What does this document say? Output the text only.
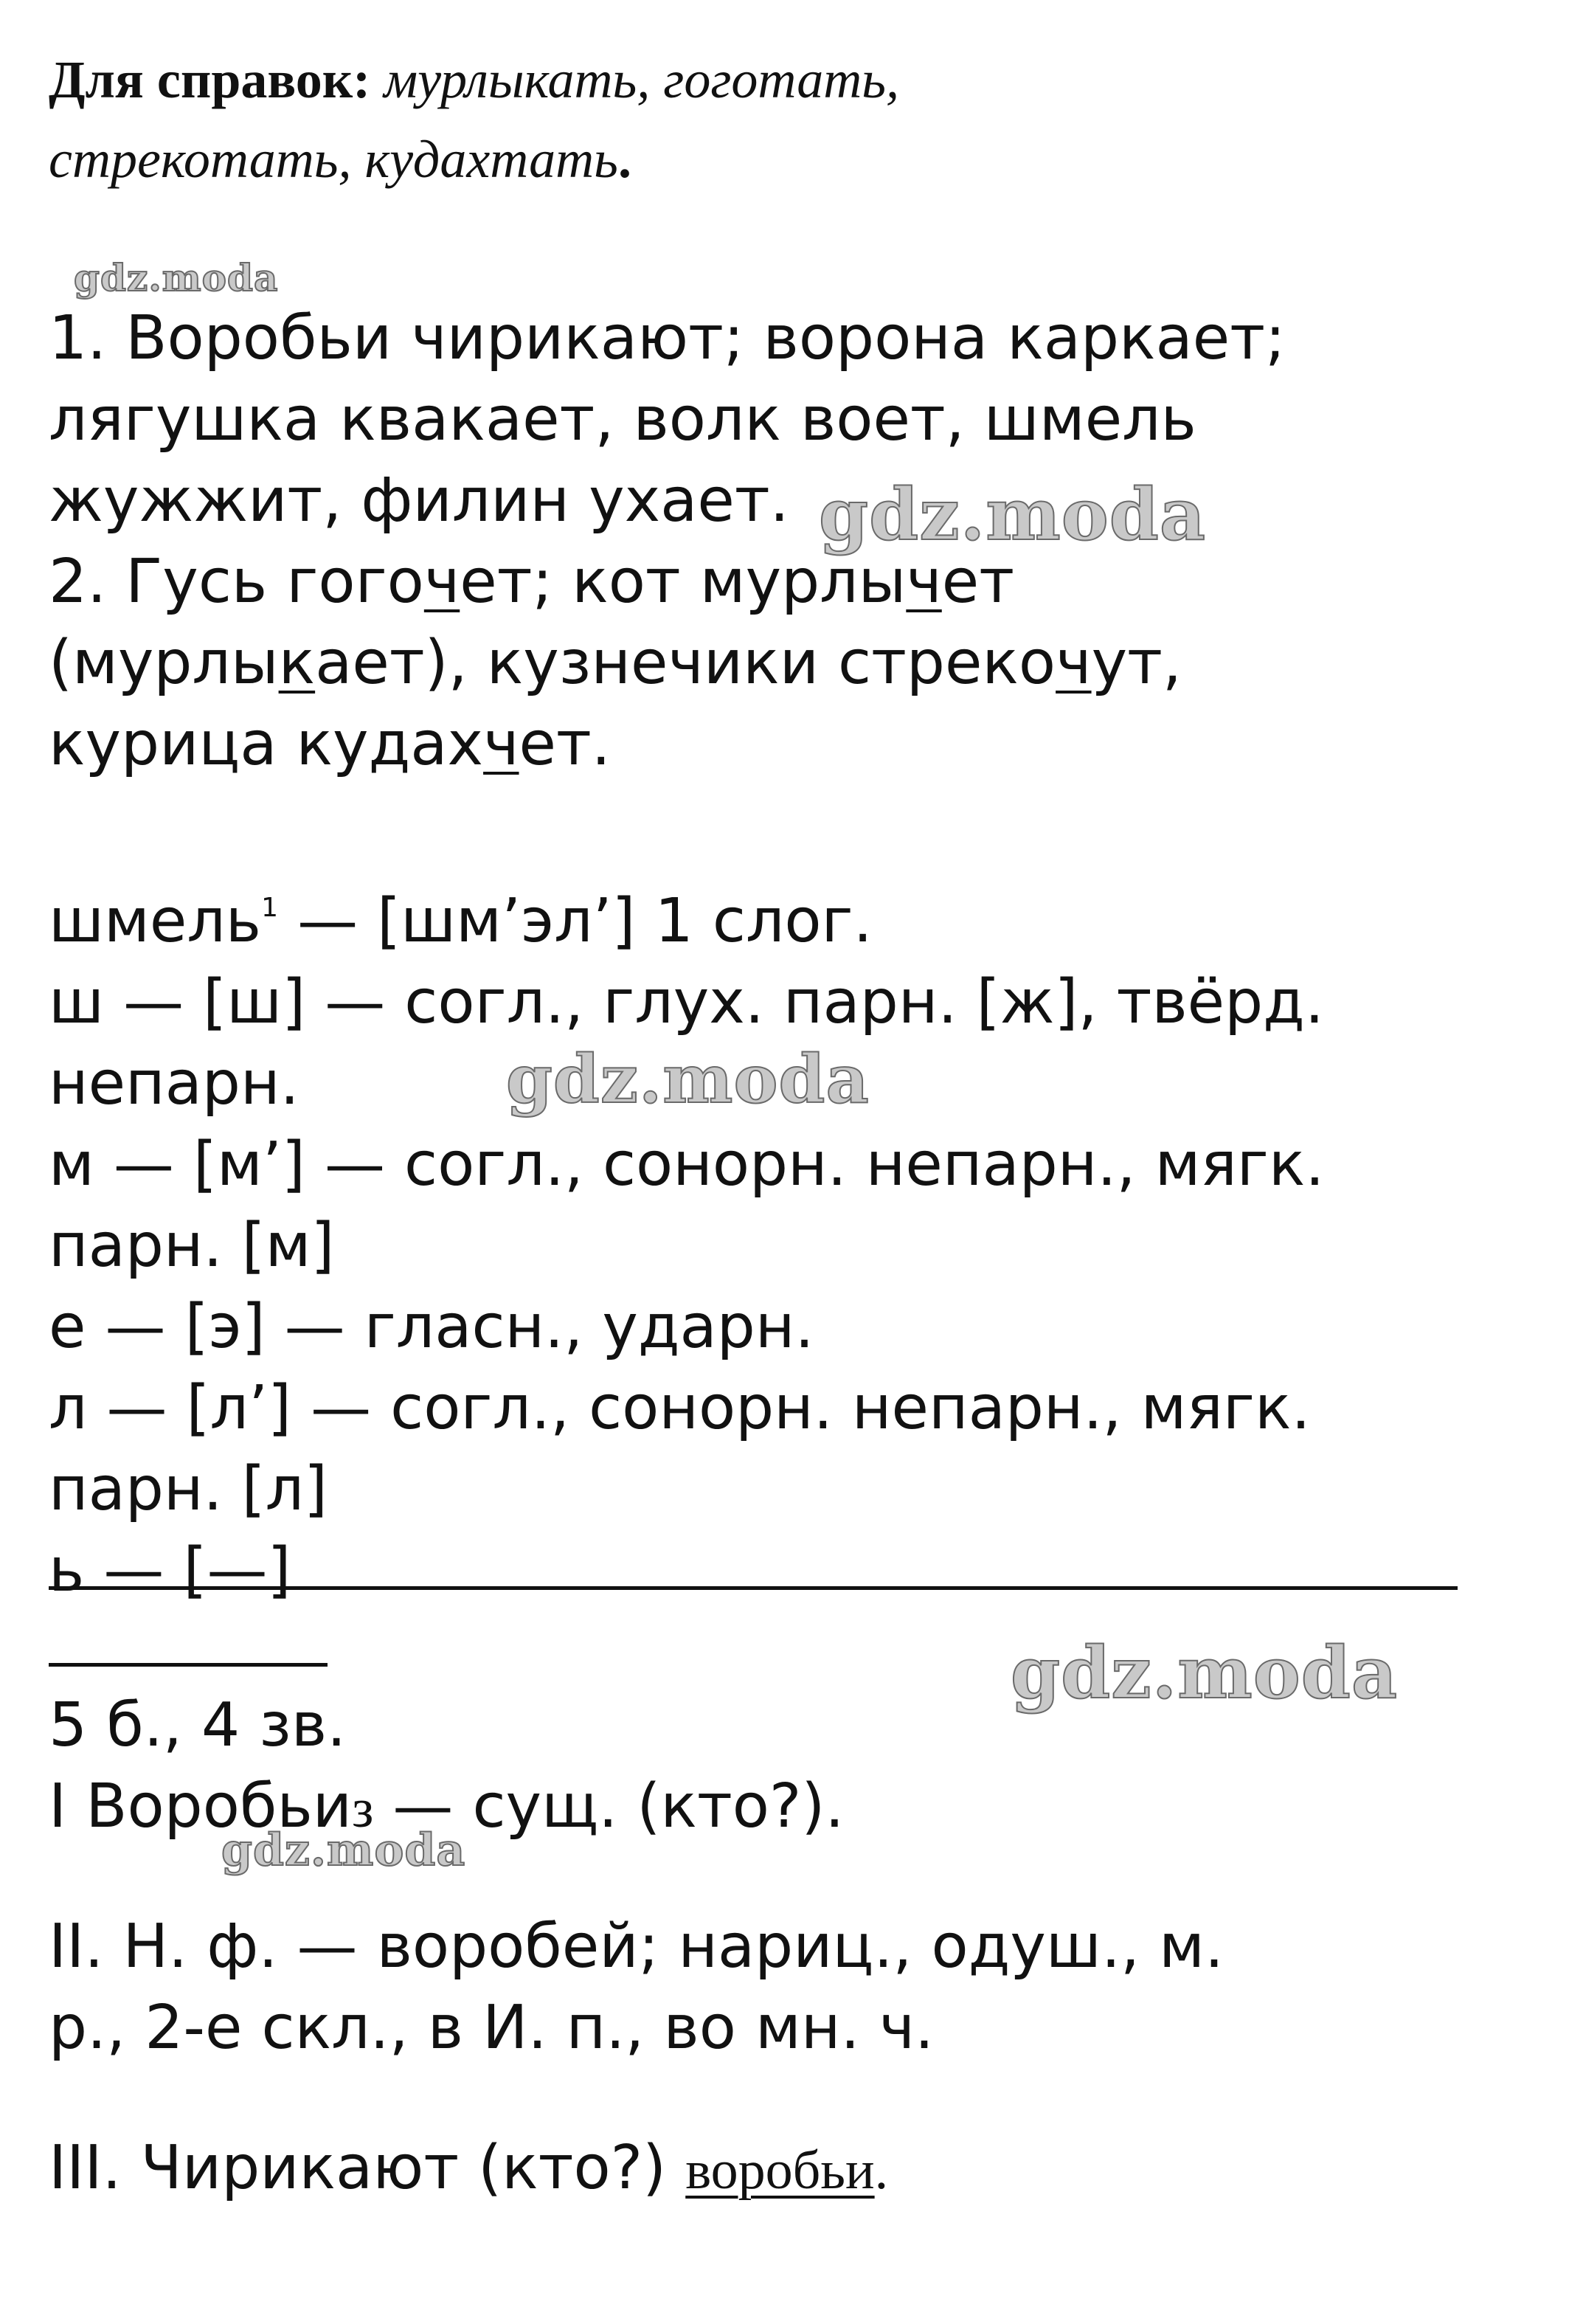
Для справок: мурлыкать, гоготать,
стрекотать, кудахтать.
gdz.moda
gdz.moda
gdz.moda
gdz.moda
gdz.moda
1. Воробьи чирикают; ворона каркает;
лягушка квакает, волк воет, шмель
жужжит, филин ухает.
2. Гусь гогочет; кот мурлычет
(мурлыкает), кузнечики стрекочут,
курица кудахчет.
шмель$^1$ — [шм’эл’] 1 слог.
ш — [ш] — согл., глух. парн. [ж], твёрд.
непарн.
м — [м’] — согл., сонорн. непарн., мягк.
парн. [м]
е — [э] — гласн., ударн.
л — [л’] — согл., сонорн. непарн., мягк.
парн. [л]
ь — [—]
5 б., 4 зв.
I Воробьиз — сущ. (кто?).
II. Н. ф. — воробей; нариц., одуш., м.
р., 2-е скл., в И. п., во мн. ч.
III. Чирикают (кто?) воробьи.
